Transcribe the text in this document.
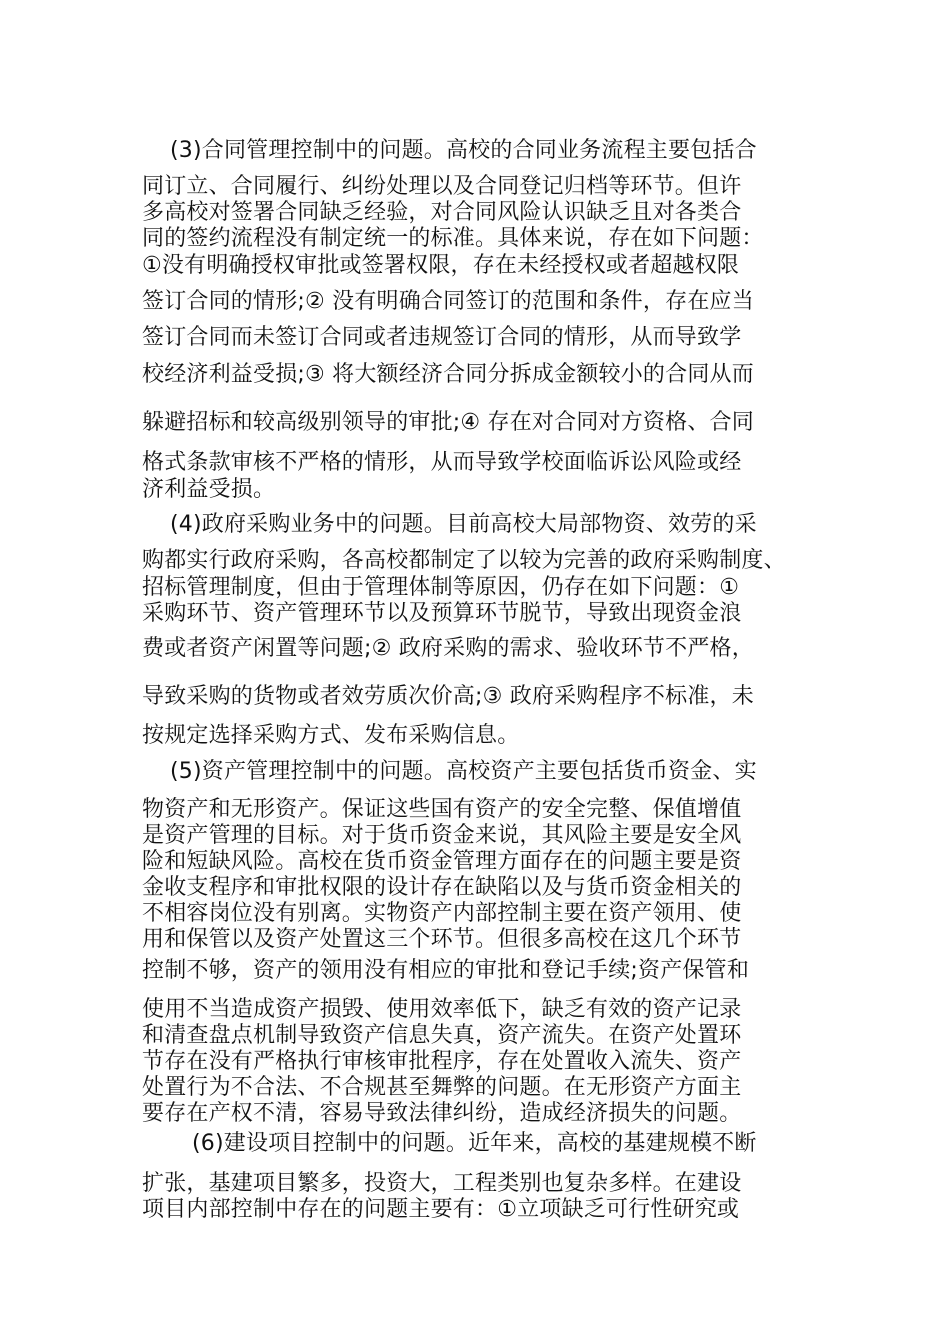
(3)合同管理控制中的问题。高校的合同业务流程主要包括合
同订立、合同履行、纠纷处理以及合同登记归档等环节。但许
多高校对签署合同缺乏经验，对合同风险认识缺乏且对各类合
同的签约流程没有制定统一的标准。具体来说，存在如下问题：
①没有明确授权审批或签署权限，存在未经授权或者超越权限
签订合同的情形;② 没有明确合同签订的范围和条件，存在应当
签订合同而未签订合同或者违规签订合同的情形，从而导致学
校经济利益受损;③ 将大额经济合同分拆成金额较小的合同从而
躲避招标和较高级别领导的审批;④ 存在对合同对方资格、合同
格式条款审核不严格的情形，从而导致学校面临诉讼风险或经
济利益受损。
(4)政府采购业务中的问题。目前高校大局部物资、效劳的采
购都实行政府采购，各高校都制定了以较为完善的政府采购制度、
招标管理制度，但由于管理体制等原因，仍存在如下问题：①
采购环节、资产管理环节以及预算环节脱节，导致出现资金浪
费或者资产闲置等问题;② 政府采购的需求、验收环节不严格，
导致采购的货物或者效劳质次价高;③ 政府采购程序不标准，未
按规定选择采购方式、发布采购信息。
(5)资产管理控制中的问题。高校资产主要包括货币资金、实
物资产和无形资产。保证这些国有资产的安全完整、保值增值
是资产管理的目标。对于货币资金来说，其风险主要是安全风
险和短缺风险。高校在货币资金管理方面存在的问题主要是资
金收支程序和审批权限的设计存在缺陷以及与货币资金相关的
不相容岗位没有别离。实物资产内部控制主要在资产领用、使
用和保管以及资产处置这三个环节。但很多高校在这几个环节
控制不够，资产的领用没有相应的审批和登记手续;资产保管和
使用不当造成资产损毁、使用效率低下，缺乏有效的资产记录
和清查盘点机制导致资产信息失真，资产流失。在资产处置环
节存在没有严格执行审核审批程序，存在处置收入流失、资产
处置行为不合法、不合规甚至舞弊的问题。在无形资产方面主
要存在产权不清，容易导致法律纠纷，造成经济损失的问题。
(6)建设项目控制中的问题。近年来，高校的基建规模不断
扩张，基建项目繁多，投资大，工程类别也复杂多样。在建设
项目内部控制中存在的问题主要有：①立项缺乏可行性研究或
